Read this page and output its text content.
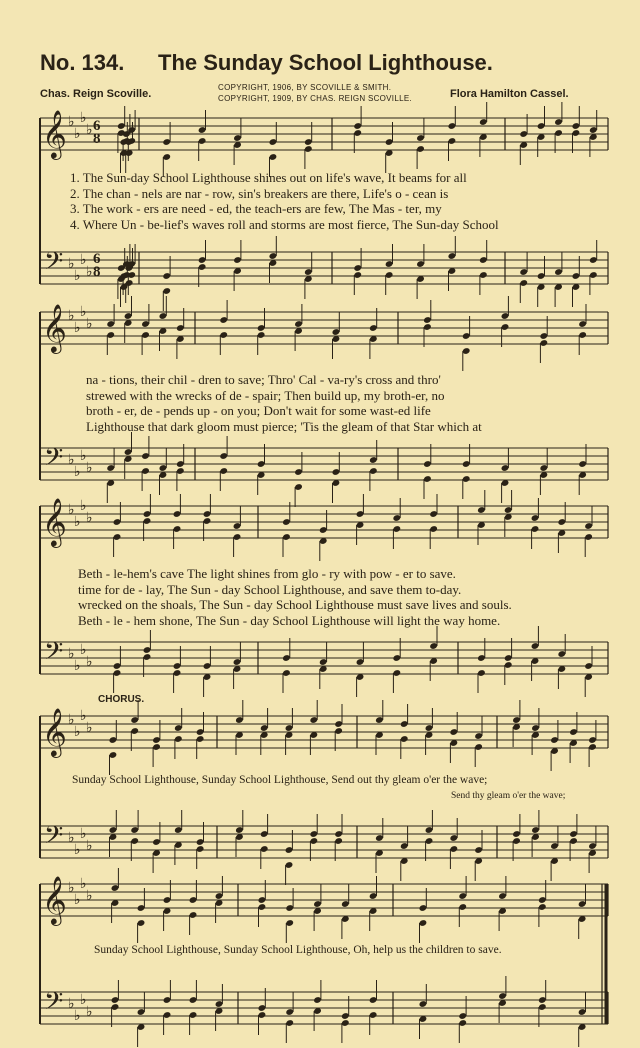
No. 134. The Sunday School Lighthouse.
Chas. Reign Scoville.
COPYRIGHT, 1906, BY SCOVILLE & SMITH.
COPYRIGHT, 1909, BY CHAS. REIGN SCOVILLE.	Flora Hamilton Cassel.
𝄞
𝄢
♭
♭
♭
♭
♭
♭
♭
♭
𝄞
𝄢
♭
♭
♭
♭
♭
♭
♭
♭
𝄞
𝄢
♭
♭
♭
♭
♭
♭
♭
♭
𝄞
𝄢
♭
♭
♭
♭
♭
♭
♭
♭
𝄞
𝄢
♭
♭
♭
♭
♭
♭
♭
♭
6
8
6
8
1. The Sun-day School Lighthouse shines out on life's wave, It beams for all
2. The chan - nels are nar - row, sin's breakers are there, Life's o - cean is
3. The work - ers are need - ed, the teach-ers are few, The Mas - ter, my
4. Where Un - be-lief's waves roll and storms are most fierce, The Sun-day School
na - tions, their chil - dren to save; Thro' Cal - va-ry's cross and thro'
strewed with the wrecks of de - spair; Then build up, my broth-er, no
broth - er, de - pends up - on you; Don't wait for some wast-ed life
Lighthouse that dark gloom must pierce; 'Tis the gleam of that Star which at
Beth - le-hem's cave The light shines from glo - ry with pow - er to save.
time for de - lay, The Sun - day School Lighthouse, and save them to-day.
wrecked on the shoals, The Sun - day School Lighthouse must save lives and souls.
Beth - le - hem shone, The Sun - day School Lighthouse will light the way home.
CHORUS.
Sunday School Lighthouse, Sunday School Lighthouse, Send out thy gleam o'er the wave;
Send thy gleam o'er the wave;
Sunday School Lighthouse, Sunday School Lighthouse, Oh, help us the children to save.
